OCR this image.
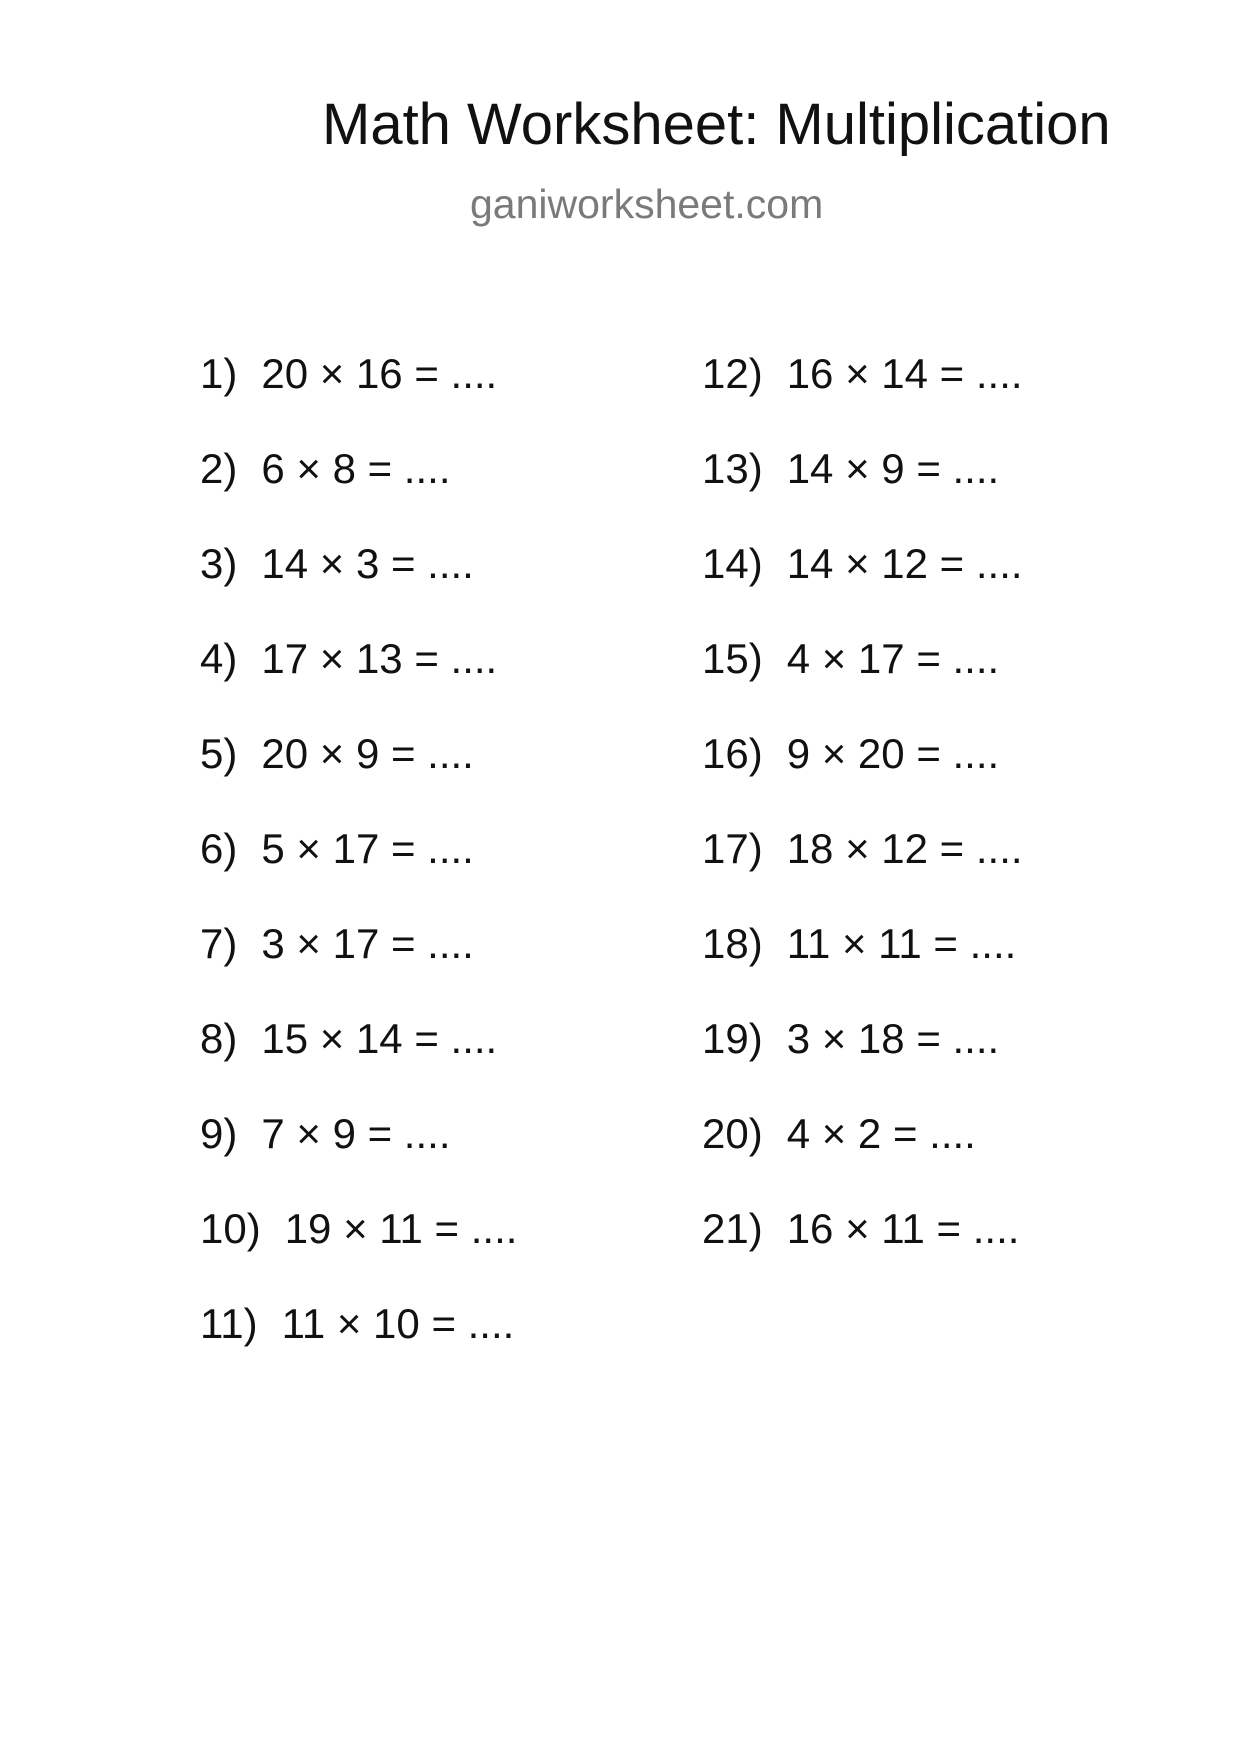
Math Worksheet: Multiplication
ganiworksheet.com
1) 20 × 16 = ....
2) 6 × 8 = ....
3) 14 × 3 = ....
4) 17 × 13 = ....
5) 20 × 9 = ....
6) 5 × 17 = ....
7) 3 × 17 = ....
8) 15 × 14 = ....
9) 7 × 9 = ....
10) 19 × 11 = ....
11) 11 × 10 = ....
12) 16 × 14 = ....
13) 14 × 9 = ....
14) 14 × 12 = ....
15) 4 × 17 = ....
16) 9 × 20 = ....
17) 18 × 12 = ....
18) 11 × 11 = ....
19) 3 × 18 = ....
20) 4 × 2 = ....
21) 16 × 11 = ....
